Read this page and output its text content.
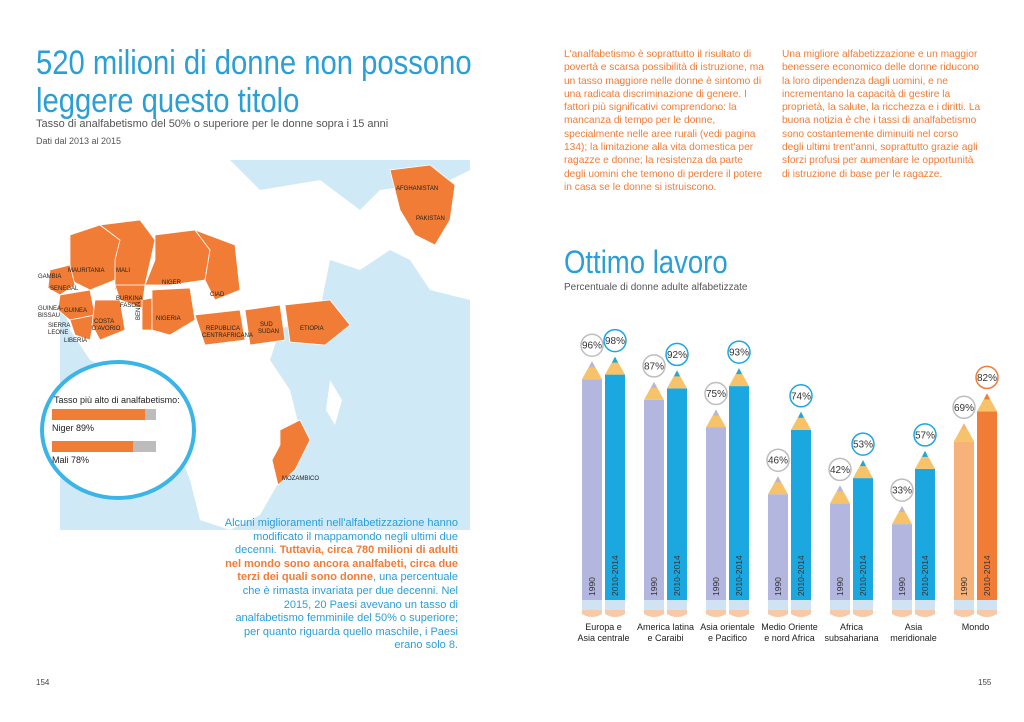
520 milioni di donne non possono
leggere questo titolo
Tasso di analfabetismo del 50% o superiore per le donne sopra i 15 anni
Dati dal 2013 al 2015
AFGHANISTAN
PAKISTAN
MAURITANIA MALI
NIGER
CIAD
GAMBIA
SENEGAL
GUINEA
GUINEA-
BISSAU
SIERRA
LEONE
LIBERIA
COSTA
D'AVORIO
BURKINA
FASO BENIN NIGERIA
REPUBLICA
CENTRAFRICANA
SUD
SUDAN	ETIOPIA
MOZAMBICO
Tasso più alto di analfabetismo:
Niger 89%
Mali 78%
Alcuni miglioramenti nell'alfabetizzazione hanno modificato il mappamondo negli ultimi due decenni. Tuttavia, circa 780 milioni di adulti nel mondo sono ancora analfabeti, circa due terzi dei quali sono donne, una percentuale che è rimasta invariata per due decenni. Nel 2015, 20 Paesi avevano un tasso di analfabetismo femminile del 50% o superiore; per quanto riguarda quello maschile, i Paesi erano solo 8.
154
L'analfabetismo è soprattutto il risultato di povertà e scarsa possibilità di istruzione, ma un tasso maggiore nelle donne è sintomo di una radicata discriminazione di genere. I fattori più significativi comprendono: la mancanza di tempo per le donne, specialmente nelle aree rurali (vedi pagina 134); la limitazione alla vita domestica per ragazze e donne; la resistenza da parte degli uomini che temono di perdere il potere in casa se le donne si istruiscono.
Una migliore alfabetizzazione e un maggior benessere economico delle donne riducono la loro dipendenza dagli uomini, e ne incrementano la capacità di gestire la proprietà, la salute, la ricchezza e i diritti. La buona notizia è che i tassi di analfabetismo sono costantemente diminuiti nel corso degli ultimi trent'anni, soprattutto grazie agli sforzi profusi per aumentare le opportunità di istruzione di base per le ragazze.
Ottimo lavoro
Percentuale di donne adulte alfabetizzate
96%
1990
98%
2010-2014
Europa e
Asia centrale
87%
1990
92%
2010-2014
America latina
e Caraibi
75%
1990
93%
2010-2014
Asia orientale
e Pacifico
46%
1990
74%
2010-2014
Medio Oriente
e nord Africa
42%
1990
53%
2010-2014
Africa
subsahariana
33%
1990
57%
2010-2014
Asia
meridionale
69%
1990
82%
2010-2014
Mondo
155
